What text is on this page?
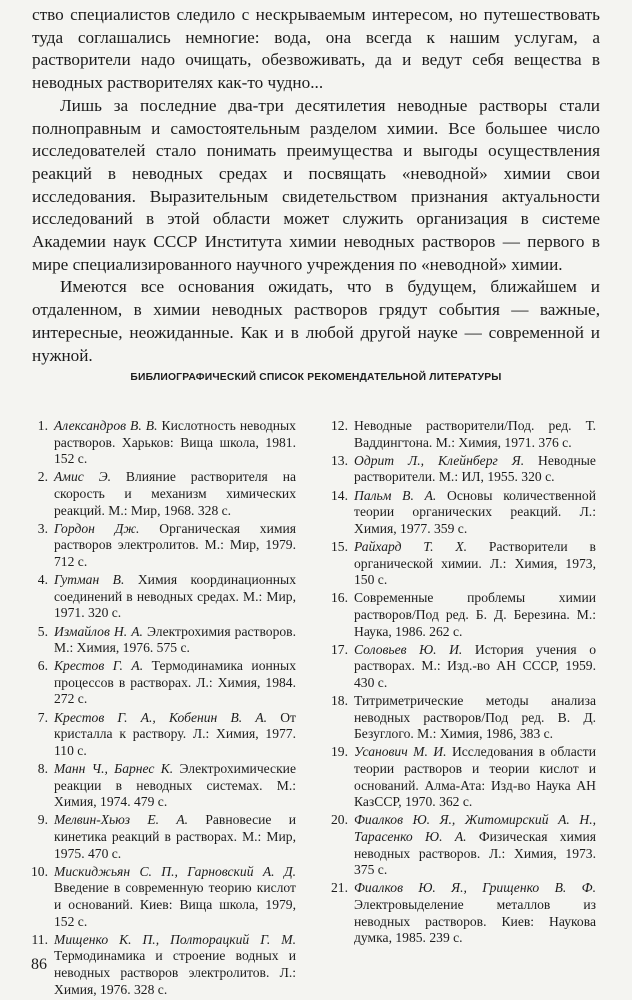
ство специалистов следило с нескрываемым интересом, но путешествовать туда соглашались немногие: вода, она всегда к нашим услугам, а растворители надо очищать, обезвоживать, да и ведут себя вещества в неводных растворителях как-то чудно...

Лишь за последние два-три десятилетия неводные растворы стали полноправным и самостоятельным разделом химии. Все большее число исследователей стало понимать преимущества и выгоды осуществления реакций в неводных средах и посвящать «неводной» химии свои исследования. Выразительным свидетельством признания актуальности исследований в этой области может служить организация в системе Академии наук СССР Института химии неводных растворов — первого в мире специализированного научного учреждения по «неводной» химии.

Имеются все основания ожидать, что в будущем, ближайшем и отдаленном, в химии неводных растворов грядут события — важные, интересные, неожиданные. Как и в любой другой науке — современной и нужной.

БИБЛИОГРАФИЧЕСКИЙ СПИСОК РЕКОМЕНДАТЕЛЬНОЙ ЛИТЕРАТУРЫ
1. Александров В. В. Кислотность неводных растворов. Харьков: Вища школа, 1981. 152 с.
2. Амис Э. Влияние растворителя на скорость и механизм химических реакций. М.: Мир, 1968. 328 с.
3. Гордон Дж. Органическая химия растворов электролитов. М.: Мир, 1979. 712 с.
4. Гутман В. Химия координационных соединений в неводных средах. М.: Мир, 1971. 320 с.
5. Измайлов Н. А. Электрохимия растворов. М.: Химия, 1976. 575 с.
6. Крестов Г. А. Термодинамика ионных процессов в растворах. Л.: Химия, 1984. 272 с.
7. Крестов Г. А., Кобенин В. А. От кристалла к раствору. Л.: Химия, 1977. 110 с.
8. Манн Ч., Барнес К. Электрохимические реакции в неводных системах. М.: Химия, 1974. 479 с.
9. Мелвин-Хьюз Е. А. Равновесие и кинетика реакций в растворах. М.: Мир, 1975. 470 с.
10. Мискиджьян С. П., Гарновский А. Д. Введение в современную теорию кислот и оснований. Киев: Вища школа, 1979, 152 с.
11. Мищенко К. П., Полторацкий Г. М. Термодинамика и строение водных и неводных растворов электролитов. Л.: Химия, 1976. 328 с.
12. Неводные растворители/Под. ред. Т. Ваддингтона. М.: Химия, 1971. 376 с.
13. Одрит Л., Клейнберг Я. Неводные растворители. М.: ИЛ, 1955. 320 с.
14. Пальм В. А. Основы количественной теории органических реакций. Л.: Химия, 1977. 359 с.
15. Райхард Т. Х. Растворители в органической химии. Л.: Химия, 1973, 150 с.
16. Современные проблемы химии растворов/Под ред. Б. Д. Березина. М.: Наука, 1986. 262 с.
17. Соловьев Ю. И. История учения о растворах. М.: Изд.-во АН СССР, 1959. 430 с.
18. Титриметрические методы анализа неводных растворов/Под ред. В. Д. Безуглого. М.: Химия, 1986, 383 с.
19. Усанович М. И. Исследования в области теории растворов и теории кислот и оснований. Алма-Ата: Изд-во Наука АН КазССР, 1970. 362 с.
20. Фиалков Ю. Я., Житомирский А. Н., Тарасенко Ю. А. Физическая химия неводных растворов. Л.: Химия, 1973. 375 с.
21. Фиалков Ю. Я., Грищенко В. Ф. Электровыделение металлов из неводных растворов. Киев: Наукова думка, 1985. 239 с.
86
